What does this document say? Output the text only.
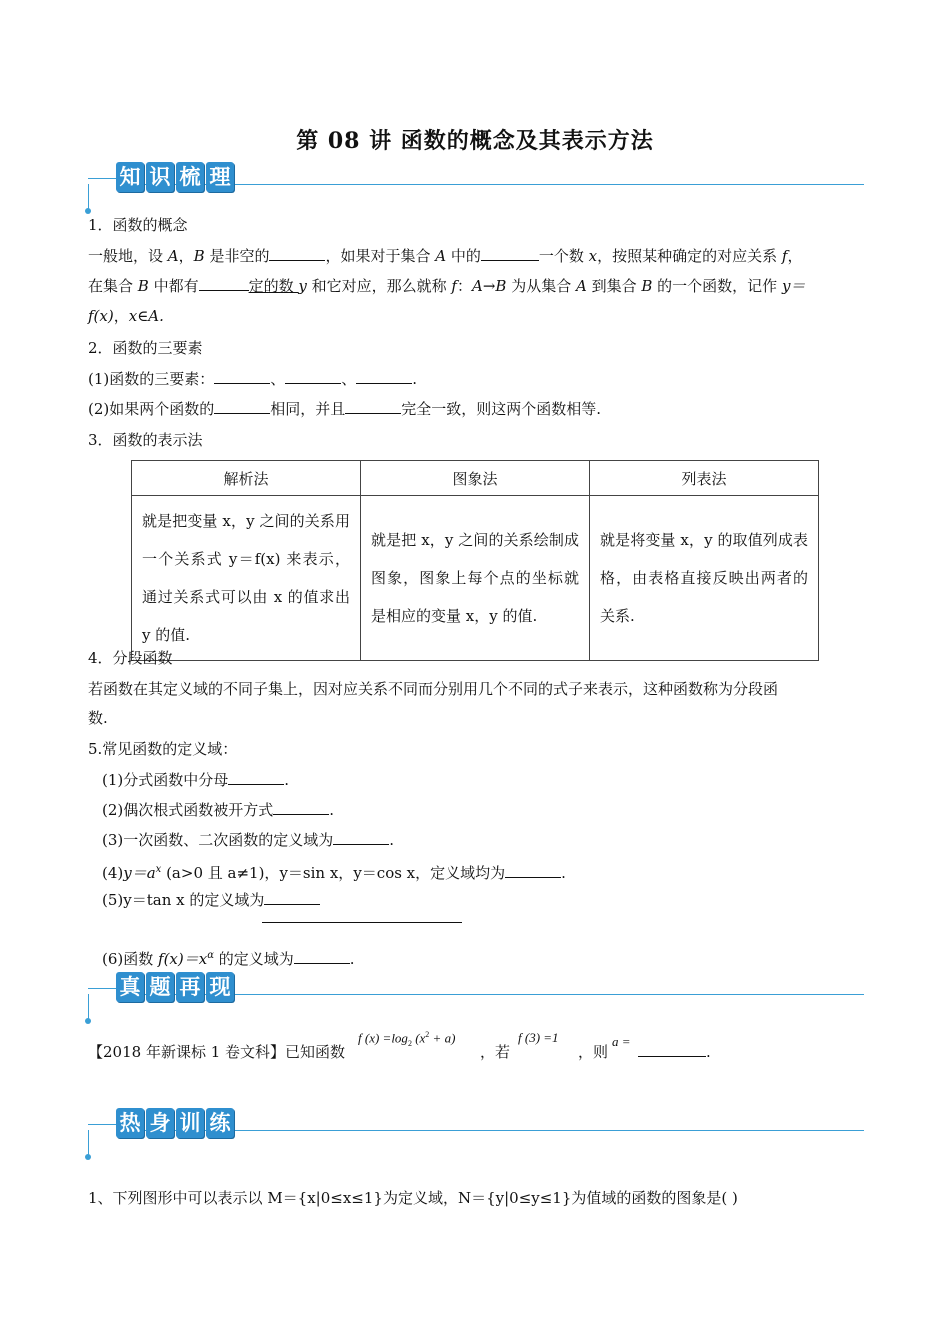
第 08 讲 函数的概念及其表示方法
知 识 梳 理
1．函数的概念
一般地，设 A，B 是非空的	，如果对于集合 A 中的	一个数 x，按照某种确定的对应关系 f，
在集合 B 中都有	定的数 y 和它对应，那么就称 f：A→B 为从集合 A 到集合 B 的一个函数，记作 y＝
f(x)，x∈A.
2．函数的三要素
(1)函数的三要素：	、	、	.
(2)如果两个函数的	相同，并且	完全一致，则这两个函数相等.
3．函数的表示法
解析法	图象法	列表法
就是把变量 x，y 之间的关系用一个关系式 y＝f(x) 来表示，通过关系式可以由 x 的值求出 y 的值.	就是把 x，y 之间的关系绘制成图象，图象上每个点的坐标就是相应的变量 x，y 的值.	就是将变量 x，y 的取值列成表格，由表格直接反映出两者的关系.
4．分段函数
若函数在其定义域的不同子集上，因对应关系不同而分别用几个不同的式子来表示，这种函数称为分段函
数.
5.常见函数的定义域：
(1)分式函数中分母	.
(2)偶次根式函数被开方式	.
(3)一次函数、二次函数的定义域为	.
$(4)y=a^x$ (a>0 且 a≠1)，y＝sin x，y＝cos x，定义域均为	.
(5)y＝tan x 的定义域为
(6)函数 $f(x)=x^\alpha$ 的定义域为	.
真 题 再 现
【2018 年新课标 1 卷文科】已知函数
f $(x) =\log_2$ $(x^2 + a)$
，若
f (3) =1
，则
a =
.
热 身 训 练
1、下列图形中可以表示以 M＝{x|0≤x≤1}为定义域，N＝{y|0≤y≤1}为值域的函数的图象是( )
